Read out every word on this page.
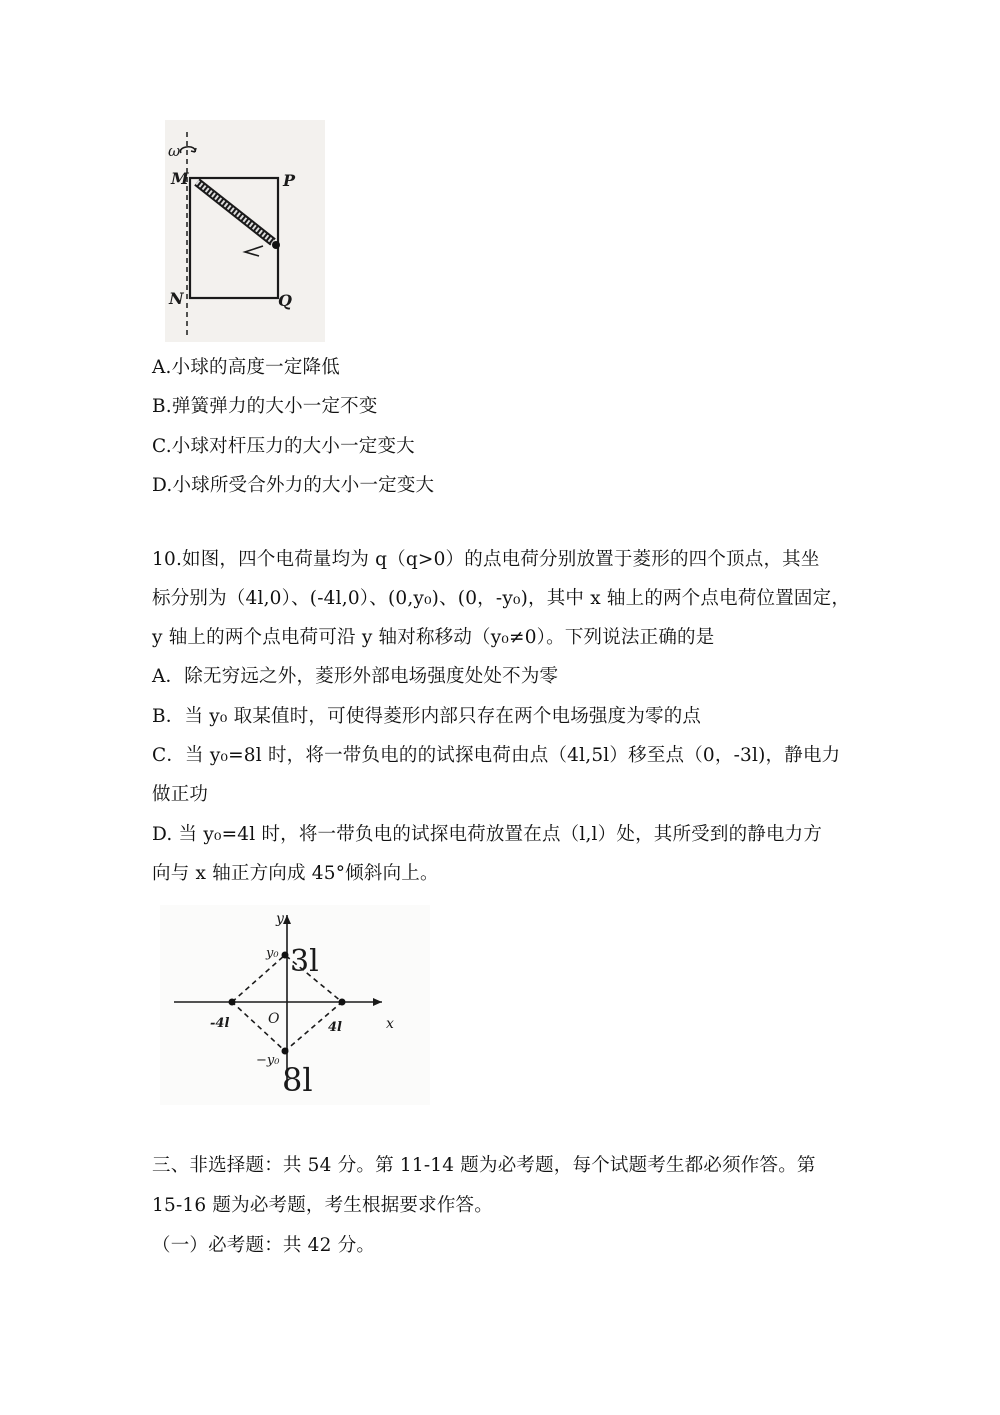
ω
M	P
N	Q
A.小球的高度一定降低
B.弹簧弹力的大小一定不变
C.小球对杆压力的大小一定变大
D.小球所受合外力的大小一定变大
10.如图，四个电荷量均为 q（q>0）的点电荷分别放置于菱形的四个顶点，其坐
标分别为（4l,0）、(-4l,0）、(0,y₀)、(0，-y₀)，其中 x 轴上的两个点电荷位置固定，
y 轴上的两个点电荷可沿 y 轴对称移动（y₀≠0）。下列说法正确的是
A．除无穷远之外，菱形外部电场强度处处不为零
B．当 y₀ 取某值时，可使得菱形内部只存在两个电场强度为零的点
C．当 y₀=8l 时，将一带负电的的试探电荷由点（4l,5l）移至点（0，-3l)，静电力
做正功
D. 当 y₀=4l 时，将一带负电的试探电荷放置在点（l,l）处，其所受到的静电力方
向与 x 轴正方向成 45°倾斜向上。
y
x
y₀
−y₀
O
-4l	4l
3l
8l
三、非选择题：共 54 分。第 11-14 题为必考题，每个试题考生都必须作答。第
15-16 题为必考题，考生根据要求作答。
（一）必考题：共 42 分。
